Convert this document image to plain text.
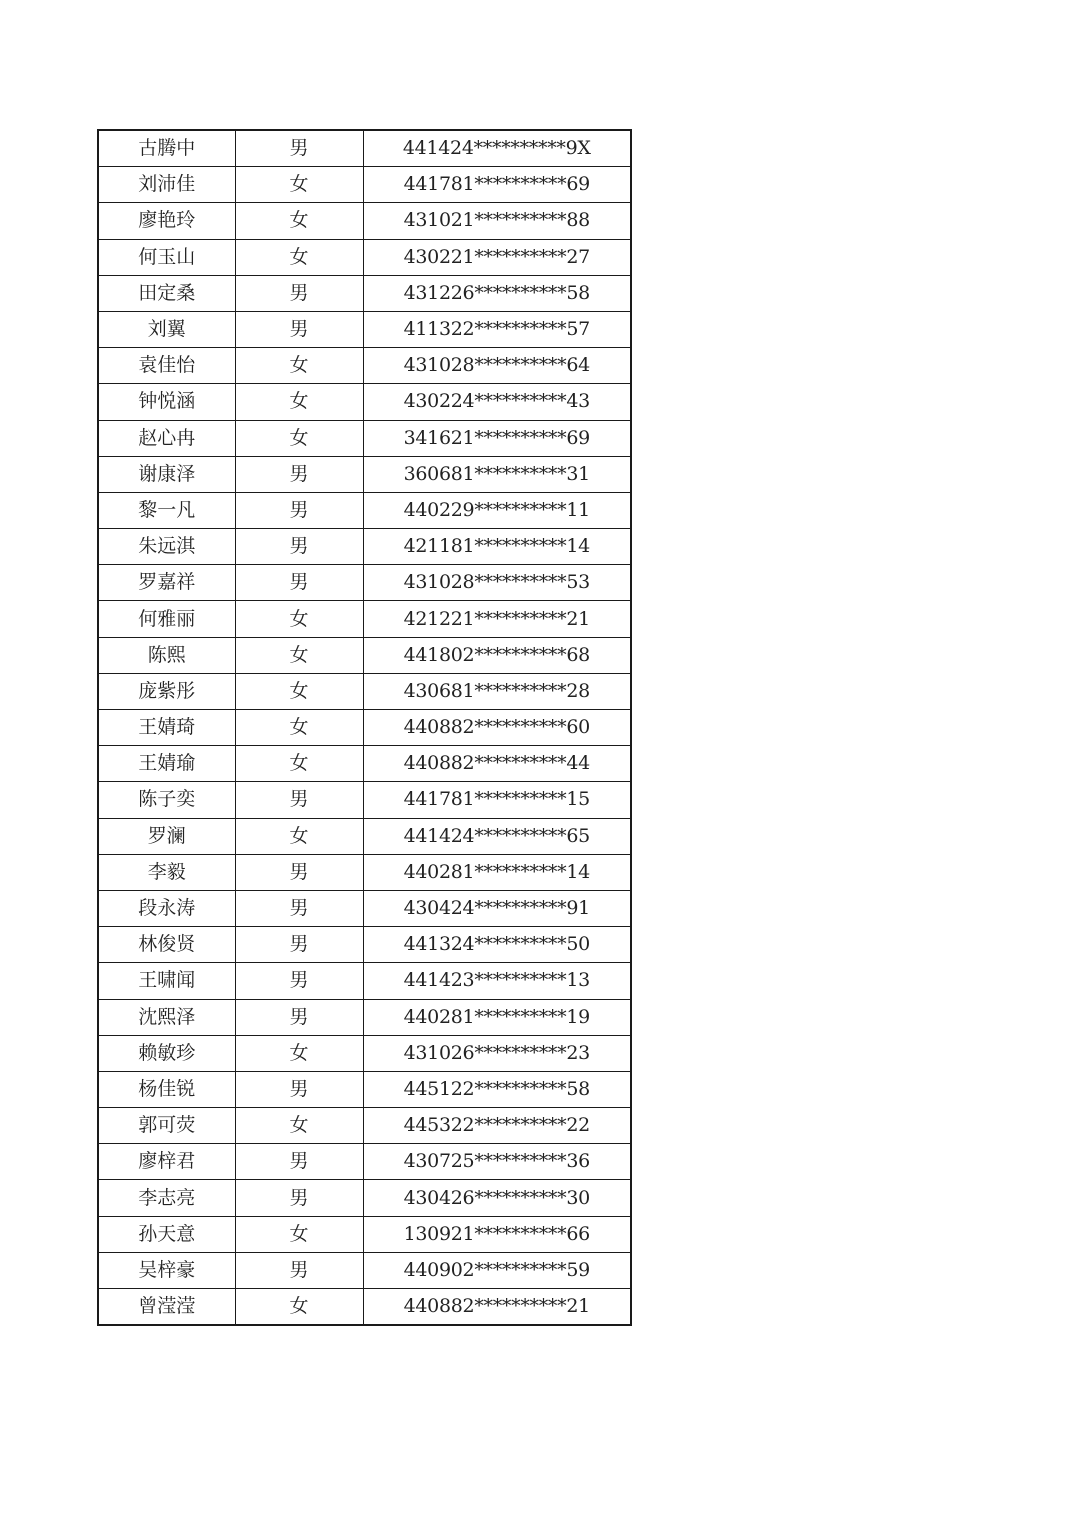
古腾中	男	441424**********9X
刘沛佳	女	441781**********69
廖艳玲	女	431021**********88
何玉山	女	430221**********27
田定桑	男	431226**********58
刘翼	男	411322**********57
袁佳怡	女	431028**********64
钟悦涵	女	430224**********43
赵心冉	女	341621**********69
谢康泽	男	360681**********31
黎一凡	男	440229**********11
朱远淇	男	421181**********14
罗嘉祥	男	431028**********53
何雅丽	女	421221**********21
陈熙	女	441802**********68
庞紫彤	女	430681**********28
王婧琦	女	440882**********60
王婧瑜	女	440882**********44
陈子奕	男	441781**********15
罗澜	女	441424**********65
李毅	男	440281**********14
段永涛	男	430424**********91
林俊贤	男	441324**********50
王啸闻	男	441423**********13
沈熙泽	男	440281**********19
赖敏珍	女	431026**********23
杨佳锐	男	445122**********58
郭可荧	女	445322**********22
廖梓君	男	430725**********36
李志亮	男	430426**********30
孙天意	女	130921**********66
吴梓豪	男	440902**********59
曾滢滢	女	440882**********21
